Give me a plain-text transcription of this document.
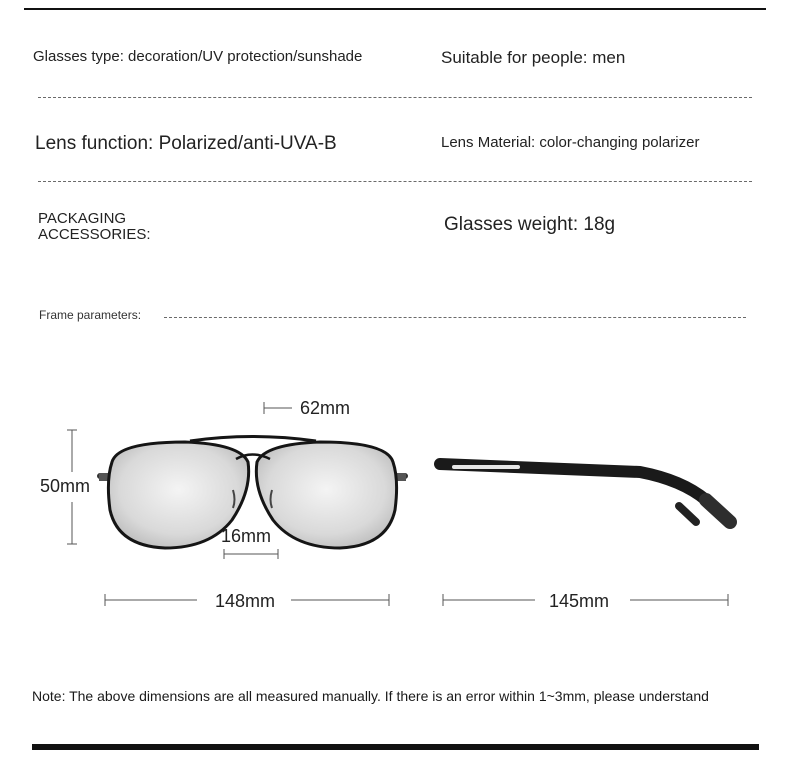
Glasses type: decoration/UV protection/sunshade	Suitable for people: men
Lens function: Polarized/anti-UVA-B	Lens Material: color-changing polarizer
PACKAGING
ACCESSORIES:	Glasses weight: 18g
Frame parameters:
62mm
50mm
16mm
148mm	145mm
Note: The above dimensions are all measured manually. If there is an error within 1~3mm, please understand
